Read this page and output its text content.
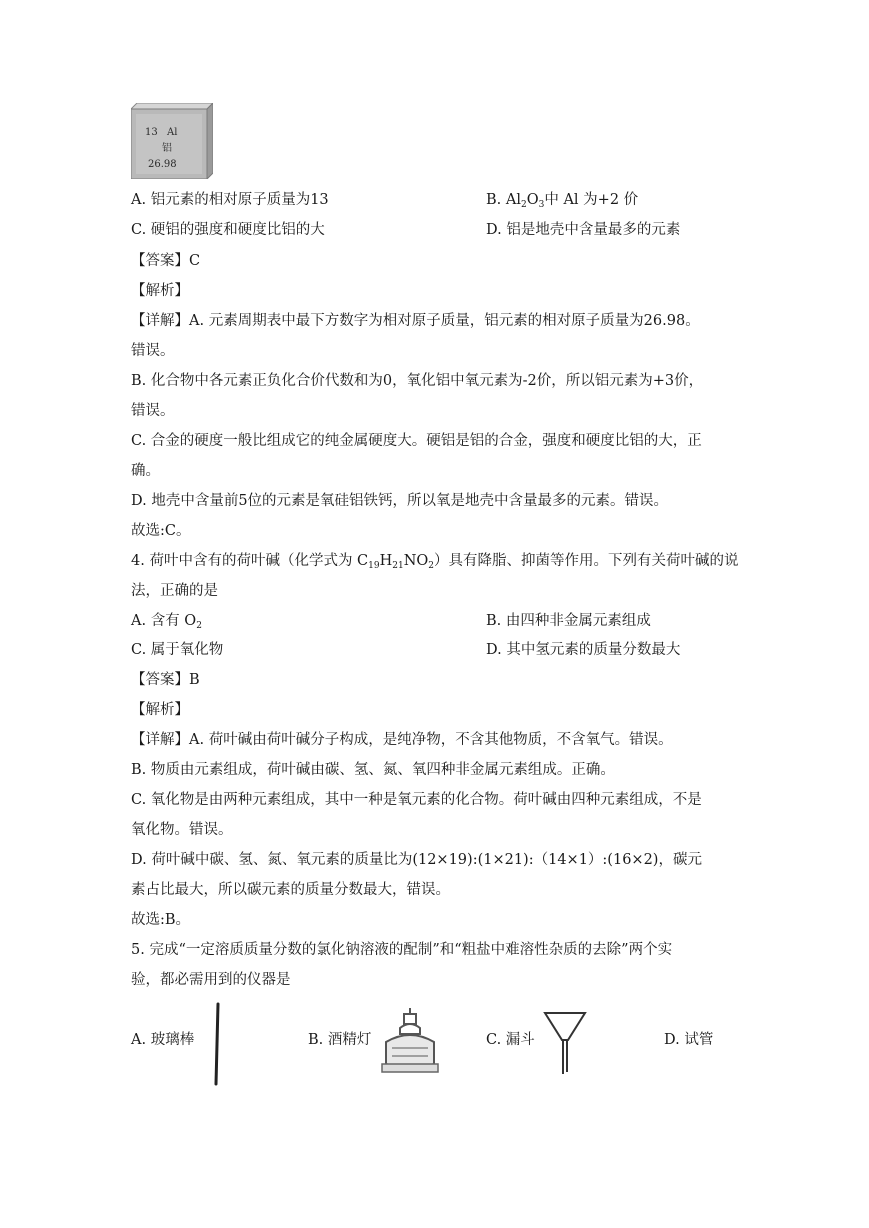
13 Al
铝
26.98
A. 铝元素的相对原子质量为13	B. $Al_2O_3$中 Al 为+2 价
C. 硬铝的强度和硬度比铝的大	D. 铝是地壳中含量最多的元素
【答案】C
【解析】
【详解】A. 元素周期表中最下方数字为相对原子质量，铝元素的相对原子质量为26.98。
错误。
B. 化合物中各元素正负化合价代数和为0，氧化铝中氧元素为-2价，所以铝元素为+3价，
错误。
C. 合金的硬度一般比组成它的纯金属硬度大。硬铝是铝的合金，强度和硬度比铝的大，正
确。
D. 地壳中含量前5位的元素是氧硅铝铁钙，所以氧是地壳中含量最多的元素。错误。
故选:C。
4. 荷叶中含有的荷叶碱（化学式为 $C_{19}H_{21}NO_2$）具有降脂、抑菌等作用。下列有关荷叶碱的说
法，正确的是
A. 含有 $O_2$	B. 由四种非金属元素组成
C. 属于氧化物	D. 其中氢元素的质量分数最大
【答案】B
【解析】
【详解】A. 荷叶碱由荷叶碱分子构成，是纯净物，不含其他物质，不含氧气。错误。
B. 物质由元素组成，荷叶碱由碳、氢、氮、氧四种非金属元素组成。正确。
C. 氧化物是由两种元素组成，其中一种是氧元素的化合物。荷叶碱由四种元素组成，不是
氧化物。错误。
D. 荷叶碱中碳、氢、氮、氧元素的质量比为(12×19):(1×21):（14×1）:(16×2)，碳元
素占比最大，所以碳元素的质量分数最大，错误。
故选:B。
5. 完成“一定溶质质量分数的氯化钠溶液的配制”和“粗盐中难溶性杂质的去除”两个实
验，都必需用到的仪器是
A. 玻璃棒	B. 酒精灯	C. 漏斗	D. 试管
